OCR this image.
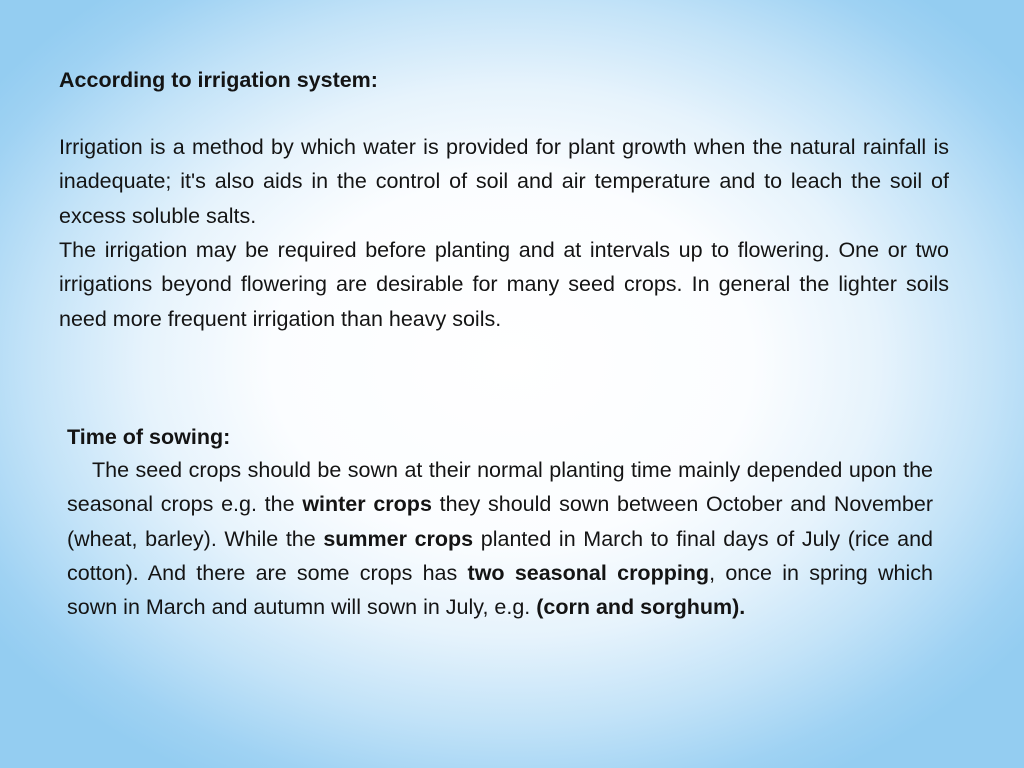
According to irrigation system:

Irrigation is a method by which water is provided for plant growth when the natural rainfall is inadequate; it's also aids in the control of soil and air temperature and to leach the soil of excess soluble salts.

The irrigation may be required before planting and at intervals up to flowering. One or two irrigations beyond flowering are desirable for many seed crops. In general the lighter soils need more frequent irrigation than heavy soils.

Time of sowing:

The seed crops should be sown at their normal planting time mainly depended upon the seasonal crops e.g. the winter crops they should sown between October and November (wheat, barley). While the summer crops planted in March to final days of July (rice and cotton). And there are some crops has two seasonal cropping, once in spring which sown in March and autumn will sown in July, e.g. (corn and sorghum).
